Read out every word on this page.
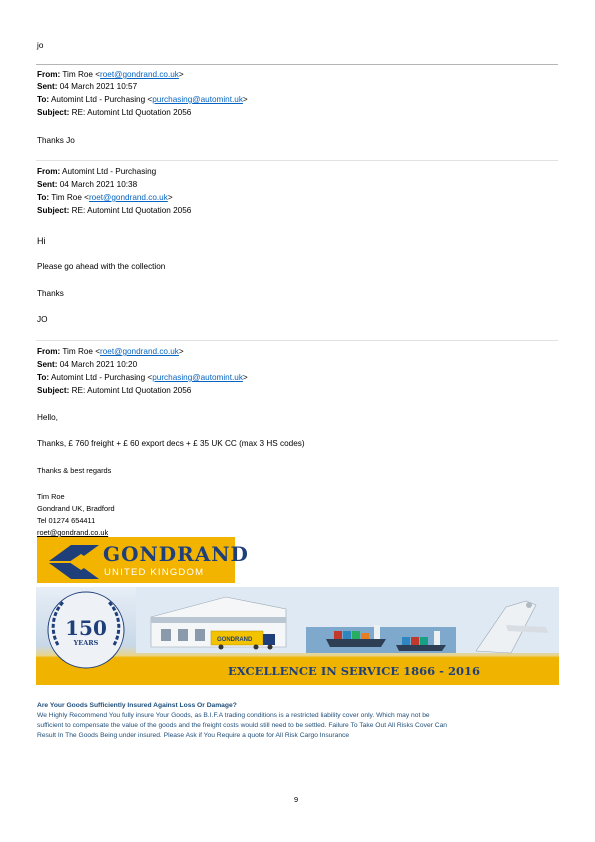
jo
From: Tim Roe <roet@gondrand.co.uk>
Sent: 04 March 2021 10:57
To: Automint Ltd - Purchasing <purchasing@automint.uk>
Subject: RE: Automint Ltd Quotation 2056
Thanks Jo
From: Automint Ltd - Purchasing
Sent: 04 March 2021 10:38
To: Tim Roe <roet@gondrand.co.uk>
Subject: RE: Automint Ltd Quotation 2056
Hi
Please go ahead with the collection
Thanks
JO
From: Tim Roe <roet@gondrand.co.uk>
Sent: 04 March 2021 10:20
To: Automint Ltd - Purchasing <purchasing@automint.uk>
Subject: RE: Automint Ltd Quotation 2056
Hello,
Thanks, £ 760 freight + £ 60 export decs + £ 35 UK CC (max 3 HS codes)
Thanks & best regards
Tim Roe
Gondrand UK, Bradford
Tel 01274 654411
roet@gondrand.co.uk
GONDRAND
UNITED KINGDOM
GONDRAND
150
YEARS
EXCELLENCE IN SERVICE 1866 - 2016
Are Your Goods Sufficiently Insured Against Loss Or Damage?
We Highly Recommend You fully insure Your Goods, as B.I.F.A trading conditions is a restricted liability cover only. Which may not be
sufficient to compensate the value of the goods and the freight costs would still need to be settled. Failure To Take Out All Risks Cover Can
Result In The Goods Being under insured. Please Ask if You Require a quote for All Risk Cargo Insurance
9
